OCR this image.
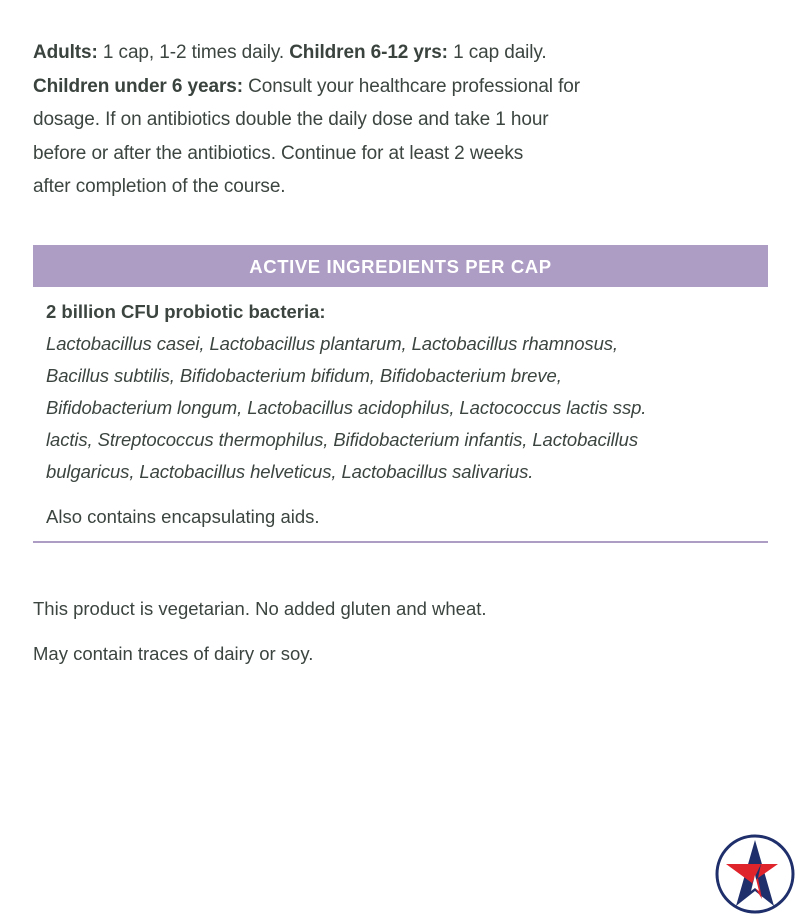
Adults: 1 cap, 1-2 times daily. Children 6-12 yrs: 1 cap daily.
Children under 6 years: Consult your healthcare professional for
dosage. If on antibiotics double the daily dose and take 1 hour
before or after the antibiotics. Continue for at least 2 weeks
after completion of the course.
ACTIVE INGREDIENTS PER CAP

2 billion CFU probiotic bacteria:

Lactobacillus casei, Lactobacillus plantarum, Lactobacillus rhamnosus,
Bacillus subtilis, Bifidobacterium bifidum, Bifidobacterium breve,
Bifidobacterium longum, Lactobacillus acidophilus, Lactococcus lactis ssp.
lactis, Streptococcus thermophilus, Bifidobacterium infantis, Lactobacillus
bulgaricus, Lactobacillus helveticus, Lactobacillus salivarius.

Also contains encapsulating aids.

This product is vegetarian. No added gluten and wheat.

May contain traces of dairy or soy.
